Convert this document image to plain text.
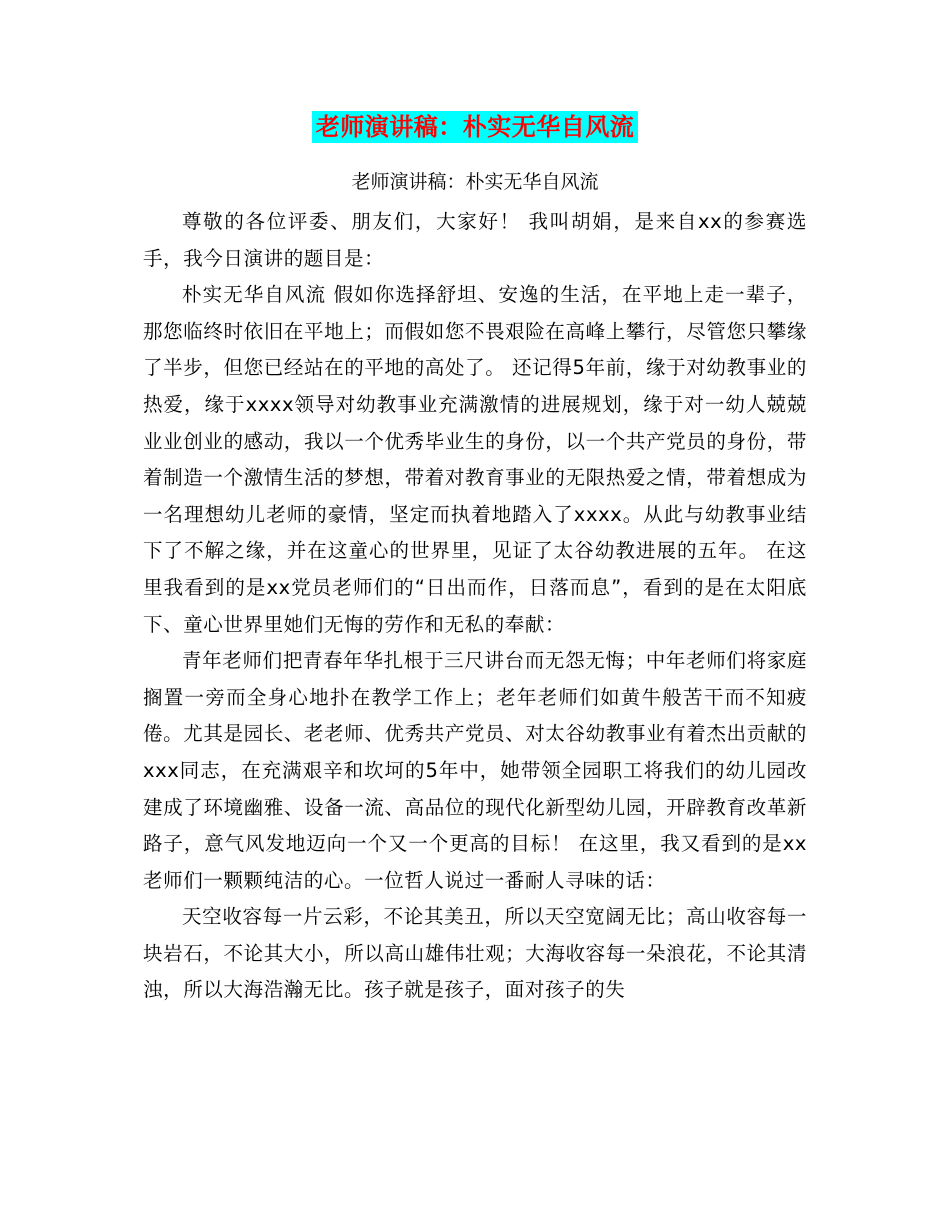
老师演讲稿：朴实无华自风流
老师演讲稿：朴实无华自风流

尊敬的各位评委、朋友们，大家好！ 我叫胡娟，是来自xx的参赛选手，我今日演讲的题目是：

朴实无华自风流 假如你选择舒坦、安逸的生活，在平地上走一辈子，那您临终时依旧在平地上；而假如您不畏艰险在高峰上攀行，尽管您只攀缘了半步，但您已经站在的平地的高处了。 还记得5年前，缘于对幼教事业的热爱，缘于xxxx领导对幼教事业充满激情的进展规划，缘于对一幼人兢兢业业创业的感动，我以一个优秀毕业生的身份，以一个共产党员的身份，带着制造一个激情生活的梦想，带着对教育事业的无限热爱之情，带着想成为一名理想幼儿老师的豪情，坚定而执着地踏入了xxxx。从此与幼教事业结下了不解之缘，并在这童心的世界里，见证了太谷幼教进展的五年。 在这里我看到的是xx党员老师们的“日出而作，日落而息”，看到的是在太阳底下、童心世界里她们无悔的劳作和无私的奉献：

青年老师们把青春年华扎根于三尺讲台而无怨无悔；中年老师们将家庭搁置一旁而全身心地扑在教学工作上；老年老师们如黄牛般苦干而不知疲倦。尤其是园长、老老师、优秀共产党员、对太谷幼教事业有着杰出贡献的xxx同志，在充满艰辛和坎坷的5年中，她带领全园职工将我们的幼儿园改建成了环境幽雅、设备一流、高品位的现代化新型幼儿园，开辟教育改革新路子，意气风发地迈向一个又一个更高的目标！ 在这里，我又看到的是xx老师们一颗颗纯洁的心。一位哲人说过一番耐人寻味的话：

天空收容每一片云彩，不论其美丑，所以天空宽阔无比；高山收容每一块岩石，不论其大小，所以高山雄伟壮观；大海收容每一朵浪花，不论其清浊，所以大海浩瀚无比。孩子就是孩子，面对孩子的失
